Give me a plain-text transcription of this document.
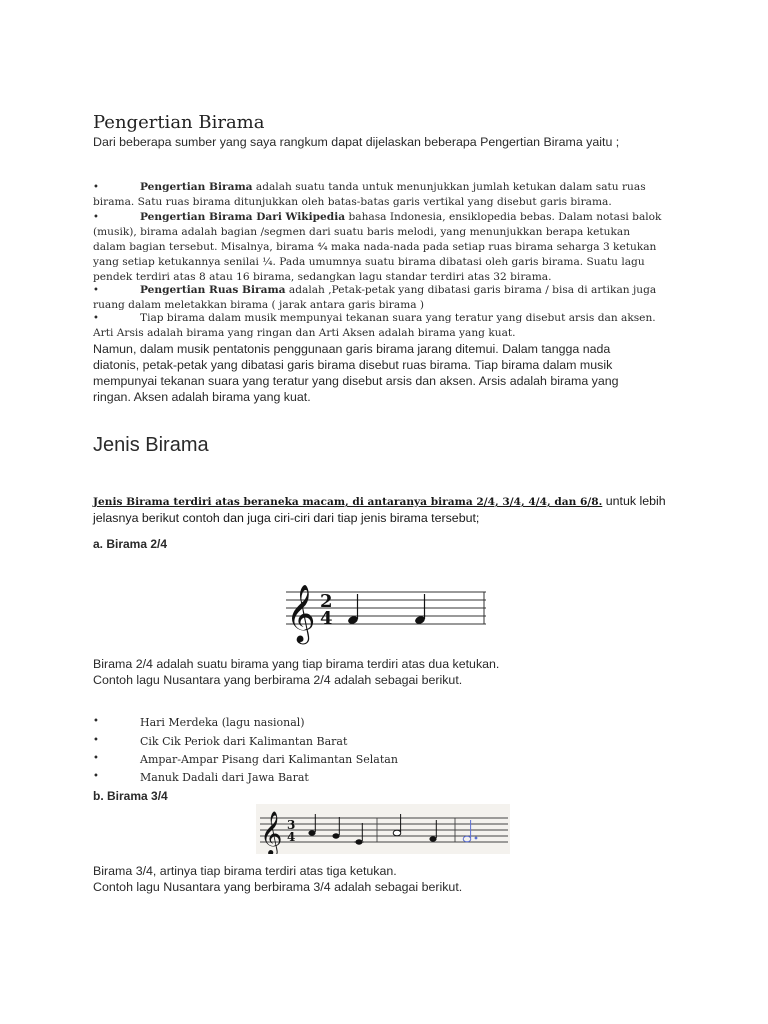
Pengertian Birama
Dari beberapa sumber yang saya rangkum dapat dijelaskan beberapa Pengertian Birama yaitu ;
•	Pengertian Birama adalah suatu tanda untuk menunjukkan jumlah ketukan dalam satu ruas
birama. Satu ruas birama ditunjukkan oleh batas-batas garis vertikal yang disebut garis birama.
•	Pengertian Birama Dari Wikipedia bahasa Indonesia, ensiklopedia bebas. Dalam notasi balok
(musik), birama adalah bagian /segmen dari suatu baris melodi, yang menunjukkan berapa ketukan
dalam bagian tersebut. Misalnya, birama ⁴⁄₄ maka nada-nada pada setiap ruas birama seharga 3 ketukan
yang setiap ketukannya senilai ¼. Pada umumnya suatu birama dibatasi oleh garis birama. Suatu lagu
pendek terdiri atas 8 atau 16 birama, sedangkan lagu standar terdiri atas 32 birama.
•	Pengertian Ruas Birama adalah ,Petak-petak yang dibatasi garis birama / bisa di artikan juga
ruang dalam meletakkan birama ( jarak antara garis birama )
•	Tiap birama dalam musik mempunyai tekanan suara yang teratur yang disebut arsis dan aksen.
Arti Arsis adalah birama yang ringan dan Arti Aksen adalah birama yang kuat.
Namun, dalam musik pentatonis penggunaan garis birama jarang ditemui. Dalam tangga nada
diatonis, petak-petak yang dibatasi garis birama disebut ruas birama. Tiap birama dalam musik
mempunyai tekanan suara yang teratur yang disebut arsis dan aksen. Arsis adalah birama yang
ringan. Aksen adalah birama yang kuat.
Jenis Birama
Jenis Birama terdiri atas beraneka macam, di antaranya birama 2/4, 3/4, 4/4, dan 6/8. untuk lebih
jelasnya berikut contoh dan juga ciri-ciri dari tiap jenis birama tersebut;
a. Birama 2/4
𝄞 2
4
Birama 2/4 adalah suatu birama yang tiap birama terdiri atas dua ketukan.
Contoh lagu Nusantara yang berbirama 2/4 adalah sebagai berikut.
•	Hari Merdeka (lagu nasional)
•	Cik Cik Periok dari Kalimantan Barat
•	Ampar-Ampar Pisang dari Kalimantan Selatan
•	Manuk Dadali dari Jawa Barat
b. Birama 3/4
𝄞 3
4
Birama 3/4, artinya tiap birama terdiri atas tiga ketukan.
Contoh lagu Nusantara yang berbirama 3/4 adalah sebagai berikut.
